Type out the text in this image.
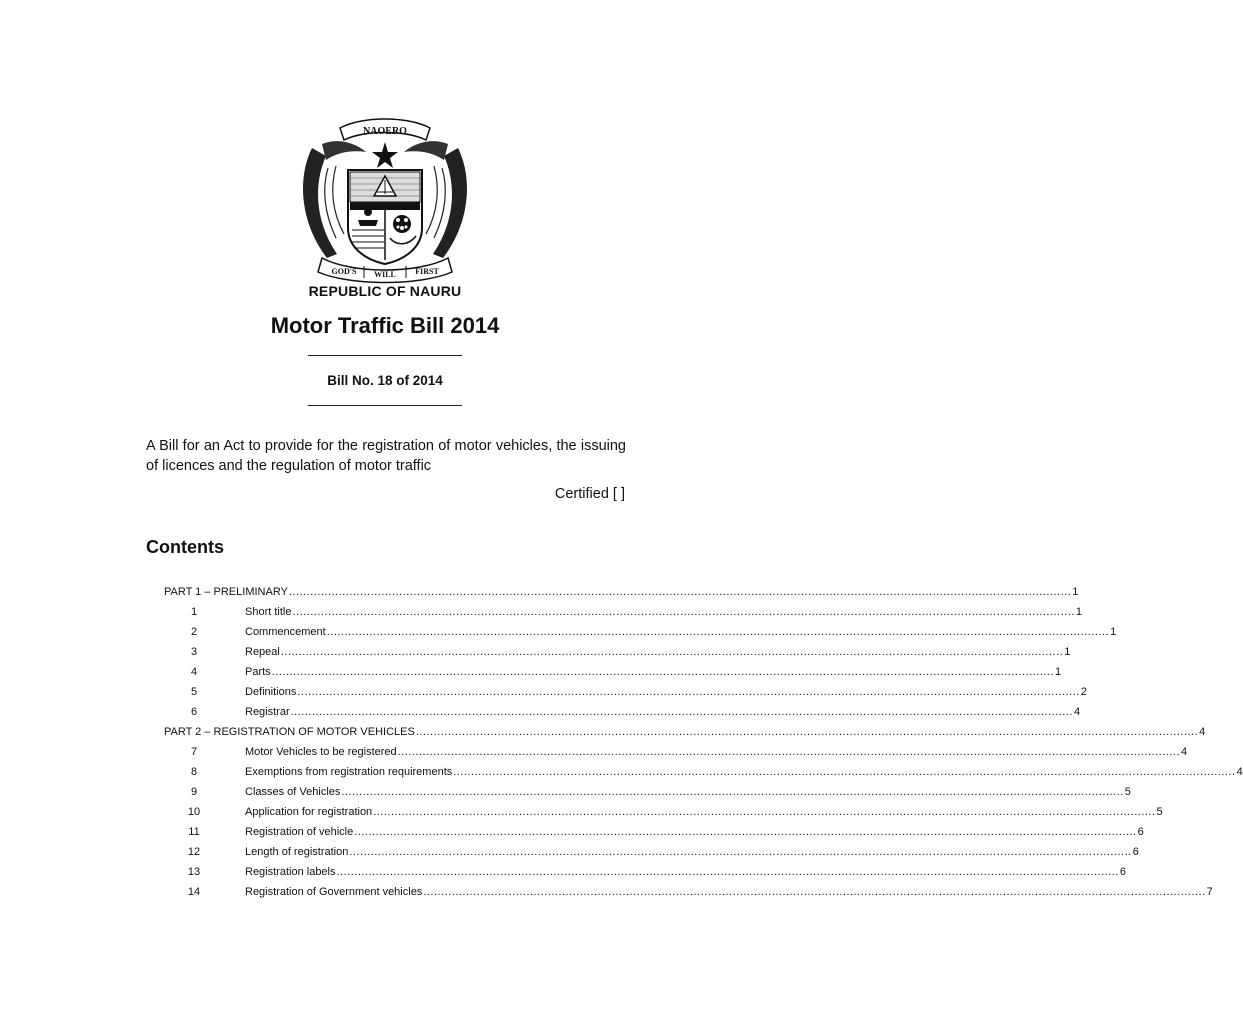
NAOERO
GOD'S WILL FIRST
REPUBLIC OF NAURU
Motor Traffic Bill 2014
Bill No. 18 of 2014
A Bill for an Act to provide for the registration of motor vehicles, the issuing of licences and the regulation of motor traffic
Certified [ ]
Contents
PART 1 – PRELIMINARY ............................................................................................................................................................................................................................ 1
1	Short title ............................................................................................................................................................................................................................ 1
2	Commencement ............................................................................................................................................................................................................................ 1
3	Repeal ............................................................................................................................................................................................................................ 1
4	Parts ............................................................................................................................................................................................................................ 1
5	Definitions ............................................................................................................................................................................................................................ 2
6	Registrar ............................................................................................................................................................................................................................ 4
PART 2 – REGISTRATION OF MOTOR VEHICLES ............................................................................................................................................................................................................................ 4
7	Motor Vehicles to be registered ............................................................................................................................................................................................................................ 4
8	Exemptions from registration requirements ............................................................................................................................................................................................................................ 4
9	Classes of Vehicles ............................................................................................................................................................................................................................ 5
10	Application for registration ............................................................................................................................................................................................................................ 5
11	Registration of vehicle ............................................................................................................................................................................................................................ 6
12	Length of registration ............................................................................................................................................................................................................................ 6
13	Registration labels ............................................................................................................................................................................................................................ 6
14	Registration of Government vehicles ............................................................................................................................................................................................................................ 7
